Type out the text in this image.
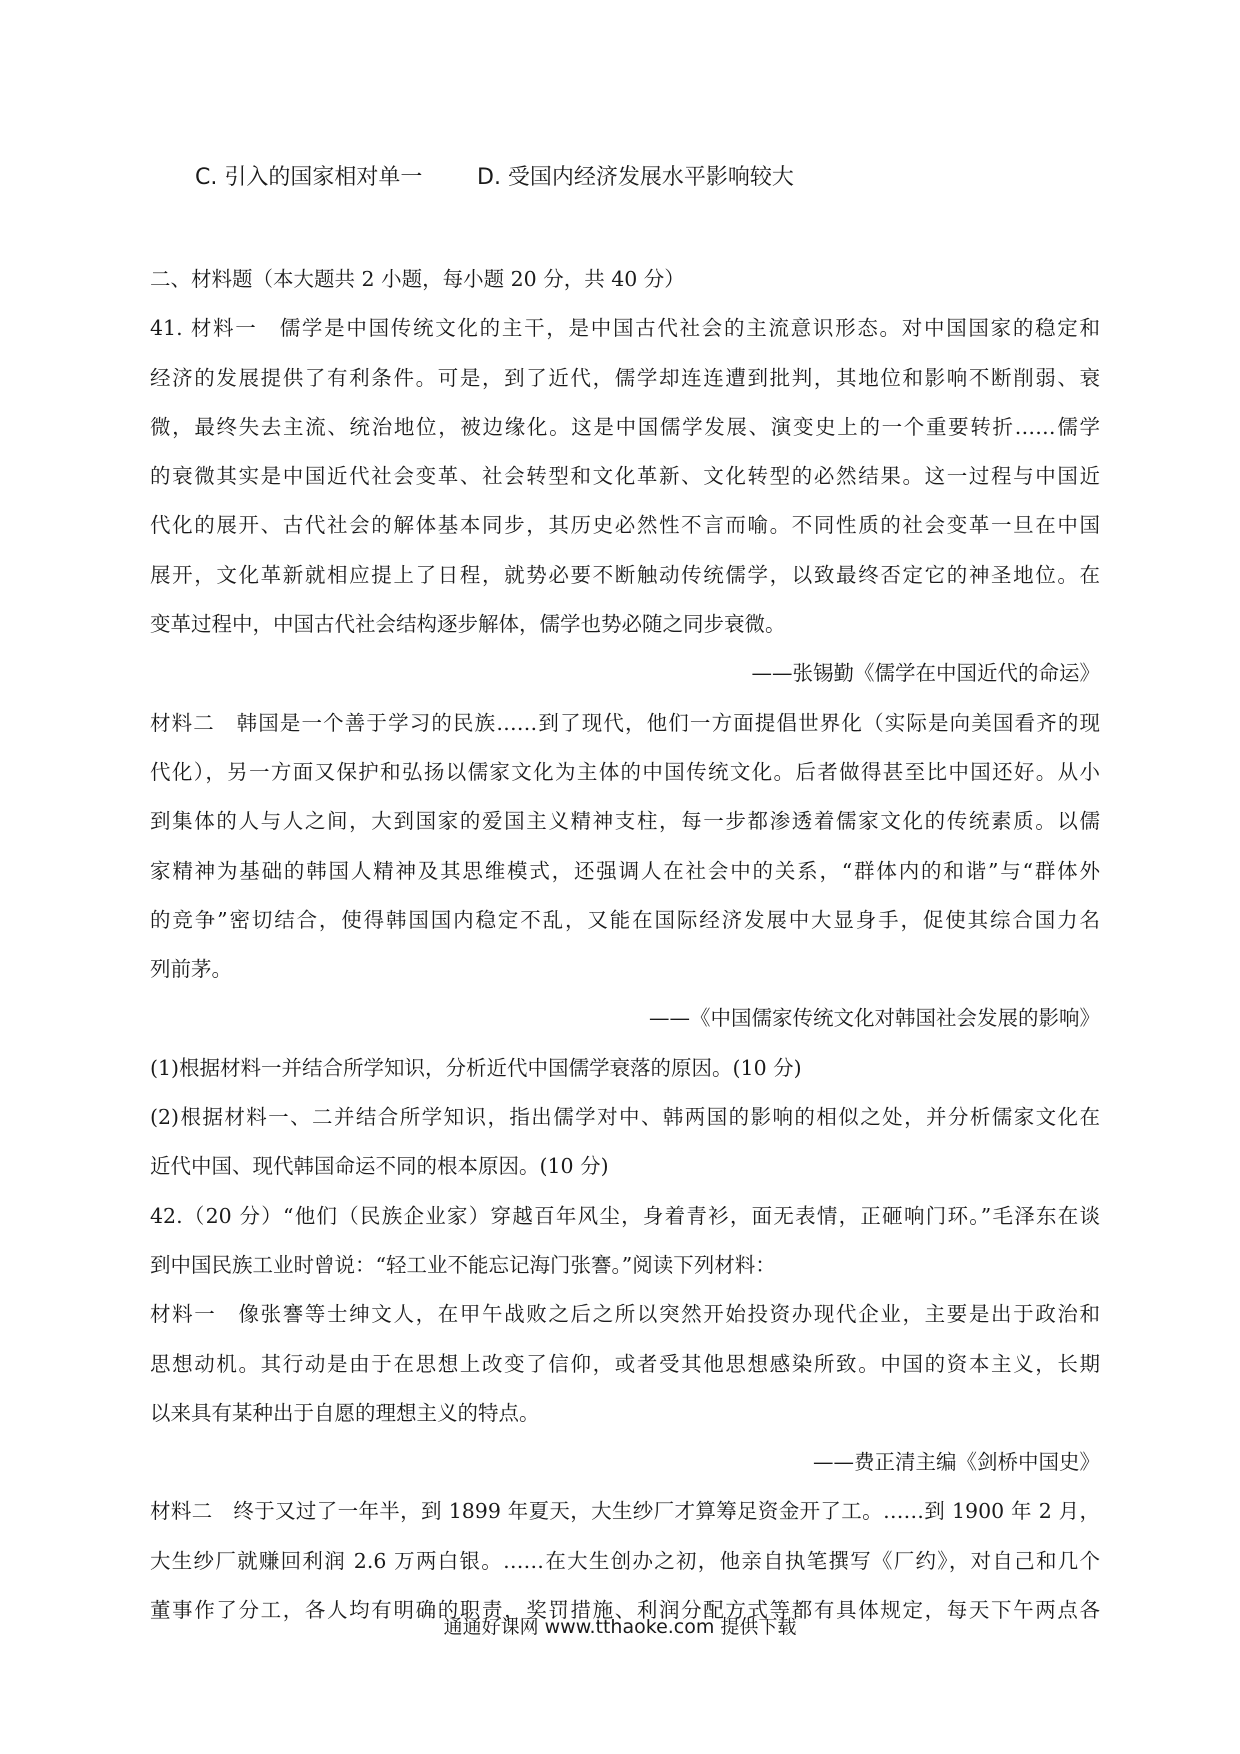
C. 引入的国家相对单一 D. 受国内经济发展水平影响较大
二、材料题（本大题共 2 小题，每小题 20 分，共 40 分）
41. 材料一　儒学是中国传统文化的主干，是中国古代社会的主流意识形态。对中国国家的稳定和
经济的发展提供了有利条件。可是，到了近代，儒学却连连遭到批判，其地位和影响不断削弱、衰
微，最终失去主流、统治地位，被边缘化。这是中国儒学发展、演变史上的一个重要转折……儒学
的衰微其实是中国近代社会变革、社会转型和文化革新、文化转型的必然结果。这一过程与中国近
代化的展开、古代社会的解体基本同步，其历史必然性不言而喻。不同性质的社会变革一旦在中国
展开，文化革新就相应提上了日程，就势必要不断触动传统儒学，以致最终否定它的神圣地位。在
变革过程中，中国古代社会结构逐步解体，儒学也势必随之同步衰微。
——张锡勤《儒学在中国近代的命运》
材料二　韩国是一个善于学习的民族……到了现代，他们一方面提倡世界化（实际是向美国看齐的现
代化），另一方面又保护和弘扬以儒家文化为主体的中国传统文化。后者做得甚至比中国还好。从小
到集体的人与人之间，大到国家的爱国主义精神支柱，每一步都渗透着儒家文化的传统素质。以儒
家精神为基础的韩国人精神及其思维模式，还强调人在社会中的关系，“群体内的和谐”与“群体外
的竞争”密切结合，使得韩国国内稳定不乱，又能在国际经济发展中大显身手，促使其综合国力名
列前茅。
——《中国儒家传统文化对韩国社会发展的影响》
(1)根据材料一并结合所学知识，分析近代中国儒学衰落的原因。(10 分)
(2)根据材料一、二并结合所学知识，指出儒学对中、韩两国的影响的相似之处，并分析儒家文化在
近代中国、现代韩国命运不同的根本原因。(10 分)
42.（20 分）“他们（民族企业家）穿越百年风尘，身着青衫，面无表情，正砸响门环。”毛泽东在谈
到中国民族工业时曾说：“轻工业不能忘记海门张謇。”阅读下列材料：
材料一　像张謇等士绅文人，在甲午战败之后之所以突然开始投资办现代企业，主要是出于政治和
思想动机。其行动是由于在思想上改变了信仰，或者受其他思想感染所致。中国的资本主义，长期
以来具有某种出于自愿的理想主义的特点。
——费正清主编《剑桥中国史》
材料二　终于又过了一年半，到 1899 年夏天，大生纱厂才算筹足资金开了工。……到 1900 年 2 月，
大生纱厂就赚回利润 2.6 万两白银。……在大生创办之初，他亲自执笔撰写《厂约》，对自己和几个
董事作了分工，各人均有明确的职责，奖罚措施、利润分配方式等都有具体规定，每天下午两点各
通通好课网 www.tthaoke.com 提供下载
